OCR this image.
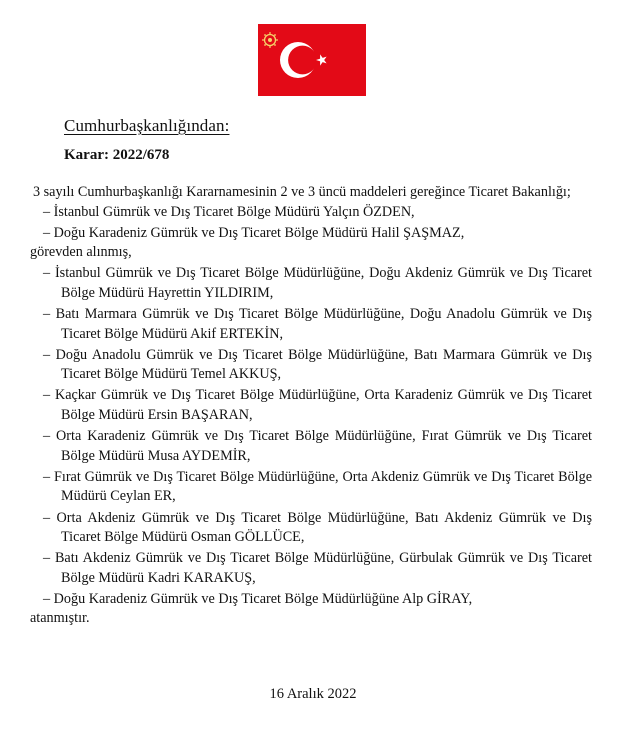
Cumhurbaşkanlığından:
Karar: 2022/678

3 sayılı Cumhurbaşkanlığı Kararnamesinin 2 ve 3 üncü maddeleri gereğince Ticaret Bakanlığı;

– İstanbul Gümrük ve Dış Ticaret Bölge Müdürü Yalçın ÖZDEN,

– Doğu Karadeniz Gümrük ve Dış Ticaret Bölge Müdürü Halil ŞAŞMAZ,

görevden alınmış,

– İstanbul Gümrük ve Dış Ticaret Bölge Müdürlüğüne, Doğu Akdeniz Gümrük ve Dış Ticaret Bölge Müdürü Hayrettin YILDIRIM,

– Batı Marmara Gümrük ve Dış Ticaret Bölge Müdürlüğüne, Doğu Anadolu Gümrük ve Dış Ticaret Bölge Müdürü Akif ERTEKİN,

– Doğu Anadolu Gümrük ve Dış Ticaret Bölge Müdürlüğüne, Batı Marmara Gümrük ve Dış Ticaret Bölge Müdürü Temel AKKUŞ,

– Kaçkar Gümrük ve Dış Ticaret Bölge Müdürlüğüne, Orta Karadeniz Gümrük ve Dış Ticaret Bölge Müdürü Ersin BAŞARAN,

– Orta Karadeniz Gümrük ve Dış Ticaret Bölge Müdürlüğüne, Fırat Gümrük ve Dış Ticaret Bölge Müdürü Musa AYDEMİR,

– Fırat Gümrük ve Dış Ticaret Bölge Müdürlüğüne, Orta Akdeniz Gümrük ve Dış Ticaret Bölge Müdürü Ceylan ER,

– Orta Akdeniz Gümrük ve Dış Ticaret Bölge Müdürlüğüne, Batı Akdeniz Gümrük ve Dış Ticaret Bölge Müdürü Osman GÖLLÜCE,

– Batı Akdeniz Gümrük ve Dış Ticaret Bölge Müdürlüğüne, Gürbulak Gümrük ve Dış Ticaret Bölge Müdürü Kadri KARAKUŞ,

– Doğu Karadeniz Gümrük ve Dış Ticaret Bölge Müdürlüğüne Alp GİRAY,

atanmıştır.

16 Aralık 2022
